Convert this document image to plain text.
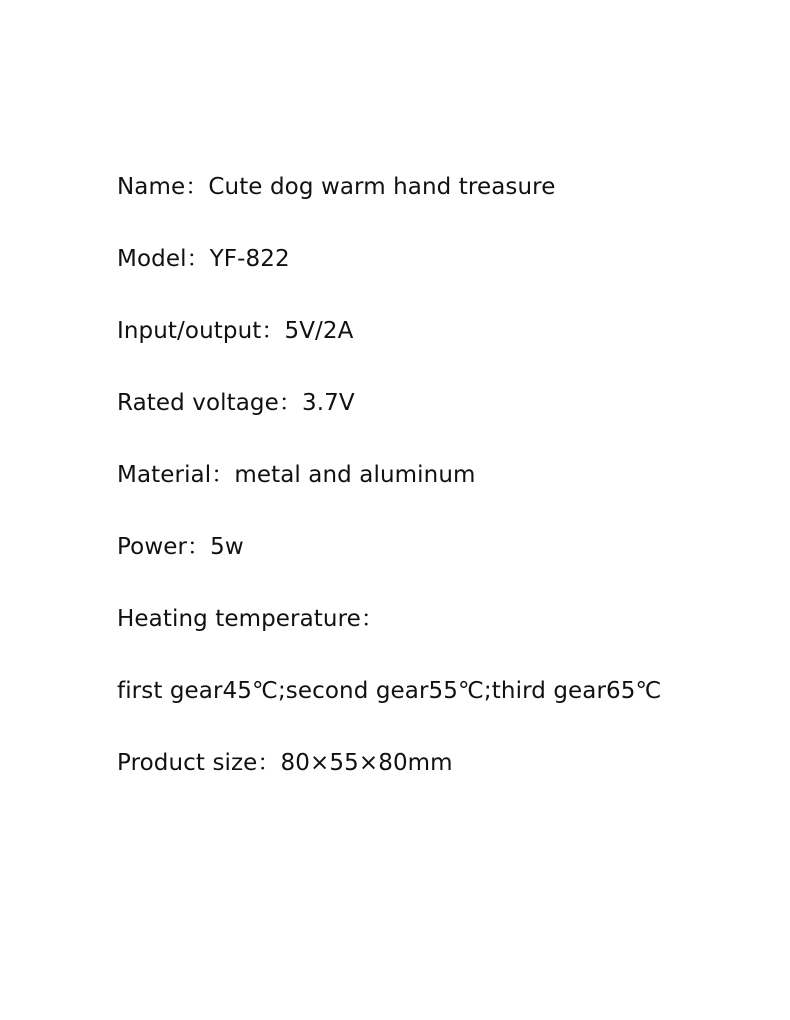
Name：Cute dog warm hand treasure

Model：YF-822

Input/output：5V/2A

Rated voltage：3.7V

Material：metal and aluminum

Power：5w

Heating temperature：

first gear45℃;second gear55℃;third gear65℃

Product size：80×55×80mm
